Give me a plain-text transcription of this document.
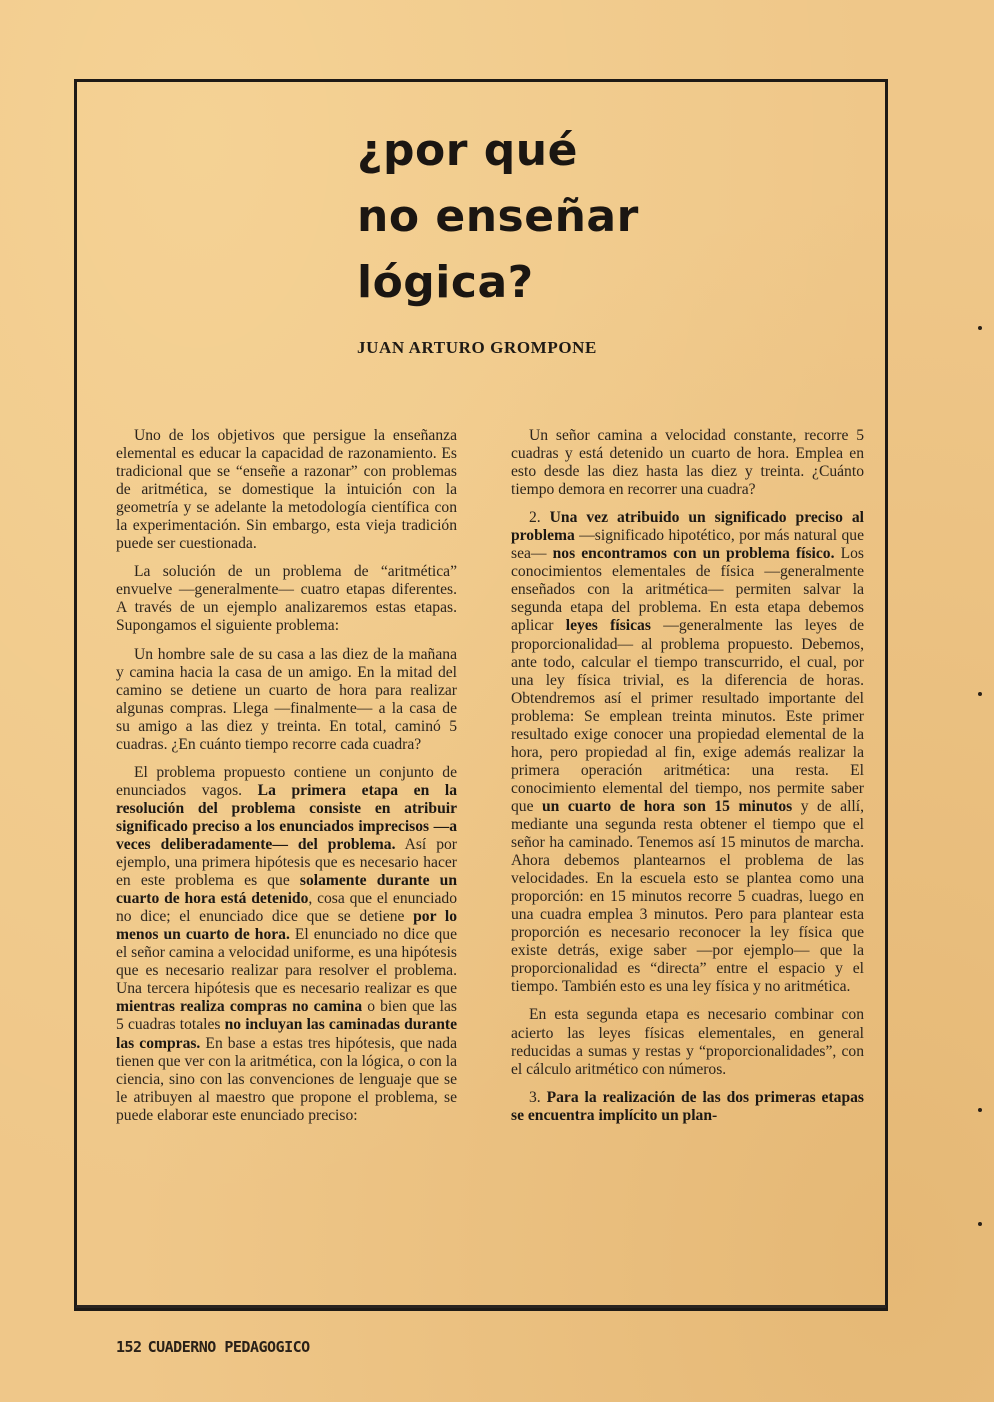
¿por qué
no enseñar
lógica?
JUAN ARTURO GROMPONE

Uno de los objetivos que persigue la enseñanza elemental es educar la capacidad de razonamiento. Es tradicional que se “enseñe a razonar” con problemas de aritmética, se domestique la intuición con la geometría y se adelante la metodología científica con la experimentación. Sin embargo, esta vieja tradición puede ser cuestionada.

La solución de un problema de “aritmética” envuelve —generalmente— cuatro etapas diferentes. A través de un ejemplo analizaremos estas etapas. Supongamos el siguiente problema:

Un hombre sale de su casa a las diez de la mañana y camina hacia la casa de un amigo. En la mitad del camino se detiene un cuarto de hora para realizar algunas compras. Llega —finalmente— a la casa de su amigo a las diez y treinta. En total, caminó 5 cuadras. ¿En cuánto tiempo recorre cada cuadra?

El problema propuesto contiene un conjunto de enunciados vagos. La primera etapa en la resolución del problema consiste en atribuir significado preciso a los enunciados imprecisos —a veces deliberadamente— del problema. Así por ejemplo, una primera hipótesis que es necesario hacer en este problema es que solamente durante un cuarto de hora está detenido, cosa que el enunciado no dice; el enunciado dice que se detiene por lo menos un cuarto de hora. El enunciado no dice que el señor camina a velocidad uniforme, es una hipótesis que es necesario realizar para resolver el problema. Una tercera hipótesis que es necesario realizar es que mientras realiza compras no camina o bien que las 5 cuadras totales no incluyan las caminadas durante las compras. En base a estas tres hipótesis, que nada tienen que ver con la aritmética, con la lógica, o con la ciencia, sino con las convenciones de lenguaje que se le atribuyen al maestro que propone el problema, se puede elaborar este enunciado preciso:

Un señor camina a velocidad constante, recorre 5 cuadras y está detenido un cuarto de hora. Emplea en esto desde las diez hasta las diez y treinta. ¿Cuánto tiempo demora en recorrer una cuadra?

2. Una vez atribuido un significado preciso al problema —significado hipotético, por más natural que sea— nos encontramos con un problema físico. Los conocimientos elementales de física —generalmente enseñados con la aritmética— permiten salvar la segunda etapa del problema. En esta etapa debemos aplicar leyes físicas —generalmente las leyes de proporcionalidad— al problema propuesto. Debemos, ante todo, calcular el tiempo transcurrido, el cual, por una ley física trivial, es la diferencia de horas. Obtendremos así el primer resultado importante del problema: Se emplean treinta minutos. Este primer resultado exige conocer una propiedad elemental de la hora, pero propiedad al fin, exige además realizar la primera operación aritmética: una resta. El conocimiento elemental del tiempo, nos permite saber que un cuarto de hora son 15 minutos y de allí, mediante una segunda resta obtener el tiempo que el señor ha caminado. Tenemos así 15 minutos de marcha. Ahora debemos plantearnos el problema de las velocidades. En la escuela esto se plantea como una proporción: en 15 minutos recorre 5 cuadras, luego en una cuadra emplea 3 minutos. Pero para plantear esta proporción es necesario reconocer la ley física que existe detrás, exige saber —por ejemplo— que la proporcionalidad es “directa” entre el espacio y el tiempo. También esto es una ley física y no aritmética.

En esta segunda etapa es necesario combinar con acierto las leyes físicas elementales, en general reducidas a sumas y restas y “proporcionalidades”, con el cálculo aritmético con números.

3. Para la realización de las dos primeras etapas se encuentra implícito un plan-

152 CUADERNO PEDAGOGICO
